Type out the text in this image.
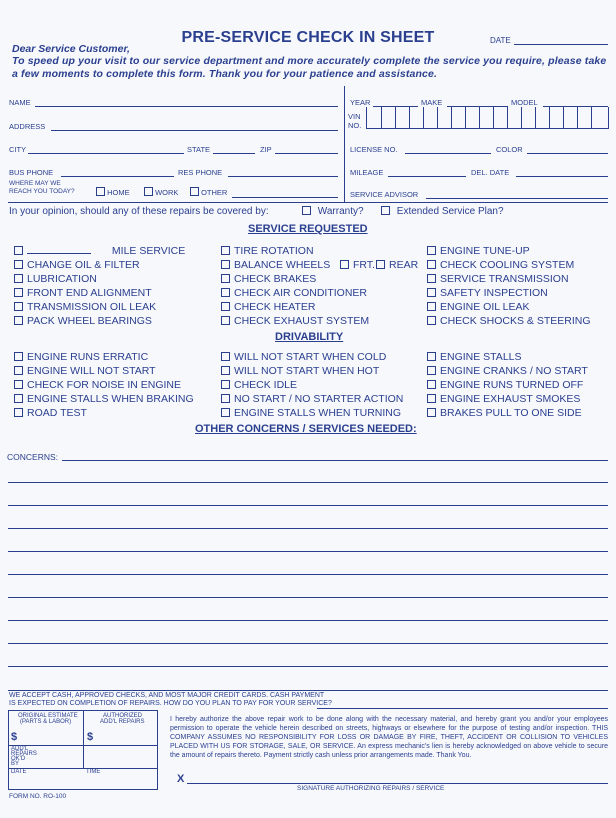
PRE-SERVICE CHECK IN SHEET	DATE
Dear Service Customer,
To speed up your visit to our service department and more accurately complete the service you require, please take a few moments to complete this form. Thank you for your patience and assistance.
NAME
ADDRESS
CITY	STATE	ZIP
BUS PHONE	RES PHONE
WHERE MAY WE
REACH YOU TODAY?	HOME	WORK	OTHER
YEAR	MAKE	MODEL
VIN
NO.
LICENSE NO.	COLOR
MILEAGE	DEL. DATE
SERVICE ADVISOR
In your opinion, should any of these repairs be covered by:	Warranty?	Extended Service Plan?
SERVICE REQUESTED
MILE SERVICE
CHANGE OIL & FILTER
LUBRICATION
FRONT END ALIGNMENT
TRANSMISSION OIL LEAK
PACK WHEEL BEARINGS
TIRE ROTATION
BALANCE WHEELS	FRT.	REAR
CHECK BRAKES
CHECK AIR CONDITIONER
CHECK HEATER
CHECK EXHAUST SYSTEM
ENGINE TUNE-UP
CHECK COOLING SYSTEM
SERVICE TRANSMISSION
SAFETY INSPECTION
ENGINE OIL LEAK
CHECK SHOCKS & STEERING
DRIVABILITY
ENGINE RUNS ERRATIC
ENGINE WILL NOT START
CHECK FOR NOISE IN ENGINE
ENGINE STALLS WHEN BRAKING
ROAD TEST
WILL NOT START WHEN COLD
WILL NOT START WHEN HOT
CHECK IDLE
NO START / NO STARTER ACTION
ENGINE STALLS WHEN TURNING
ENGINE STALLS
ENGINE CRANKS / NO START
ENGINE RUNS TURNED OFF
ENGINE EXHAUST SMOKES
BRAKES PULL TO ONE SIDE
OTHER CONCERNS / SERVICES NEEDED:
CONCERNS:
WE ACCEPT CASH, APPROVED CHECKS, AND MOST MAJOR CREDIT CARDS. CASH PAYMENT
IS EXPECTED ON COMPLETION OF REPAIRS. HOW DO YOU PLAN TO PAY FOR YOUR SERVICE?
ORIGINAL ESTIMATE
(PARTS & LABOR)
AUTHORIZED
ADD'L REPAIRS
$	$
ADD'L
REPAIRS
OK'D
BY
DATE	TIME
I hereby authorize the above repair work to be done along with the necessary material, and hereby grant you and/or your employees permission to operate the vehicle herein described on streets, highways or elsewhere for the purpose of testing and/or inspection. THIS COMPANY ASSUMES NO RESPONSIBILITY FOR LOSS OR DAMAGE BY FIRE, THEFT, ACCIDENT OR COLLISION TO VEHICLES PLACED WITH US FOR STORAGE, SALE, OR SERVICE. An express mechanic's lien is hereby acknowledged on above vehicle to secure the amount of repairs thereto. Payment strictly cash unless prior arrangements made. Thank You.
X
SIGNATURE AUTHORIZING REPAIRS / SERVICE
FORM NO. RO-100
